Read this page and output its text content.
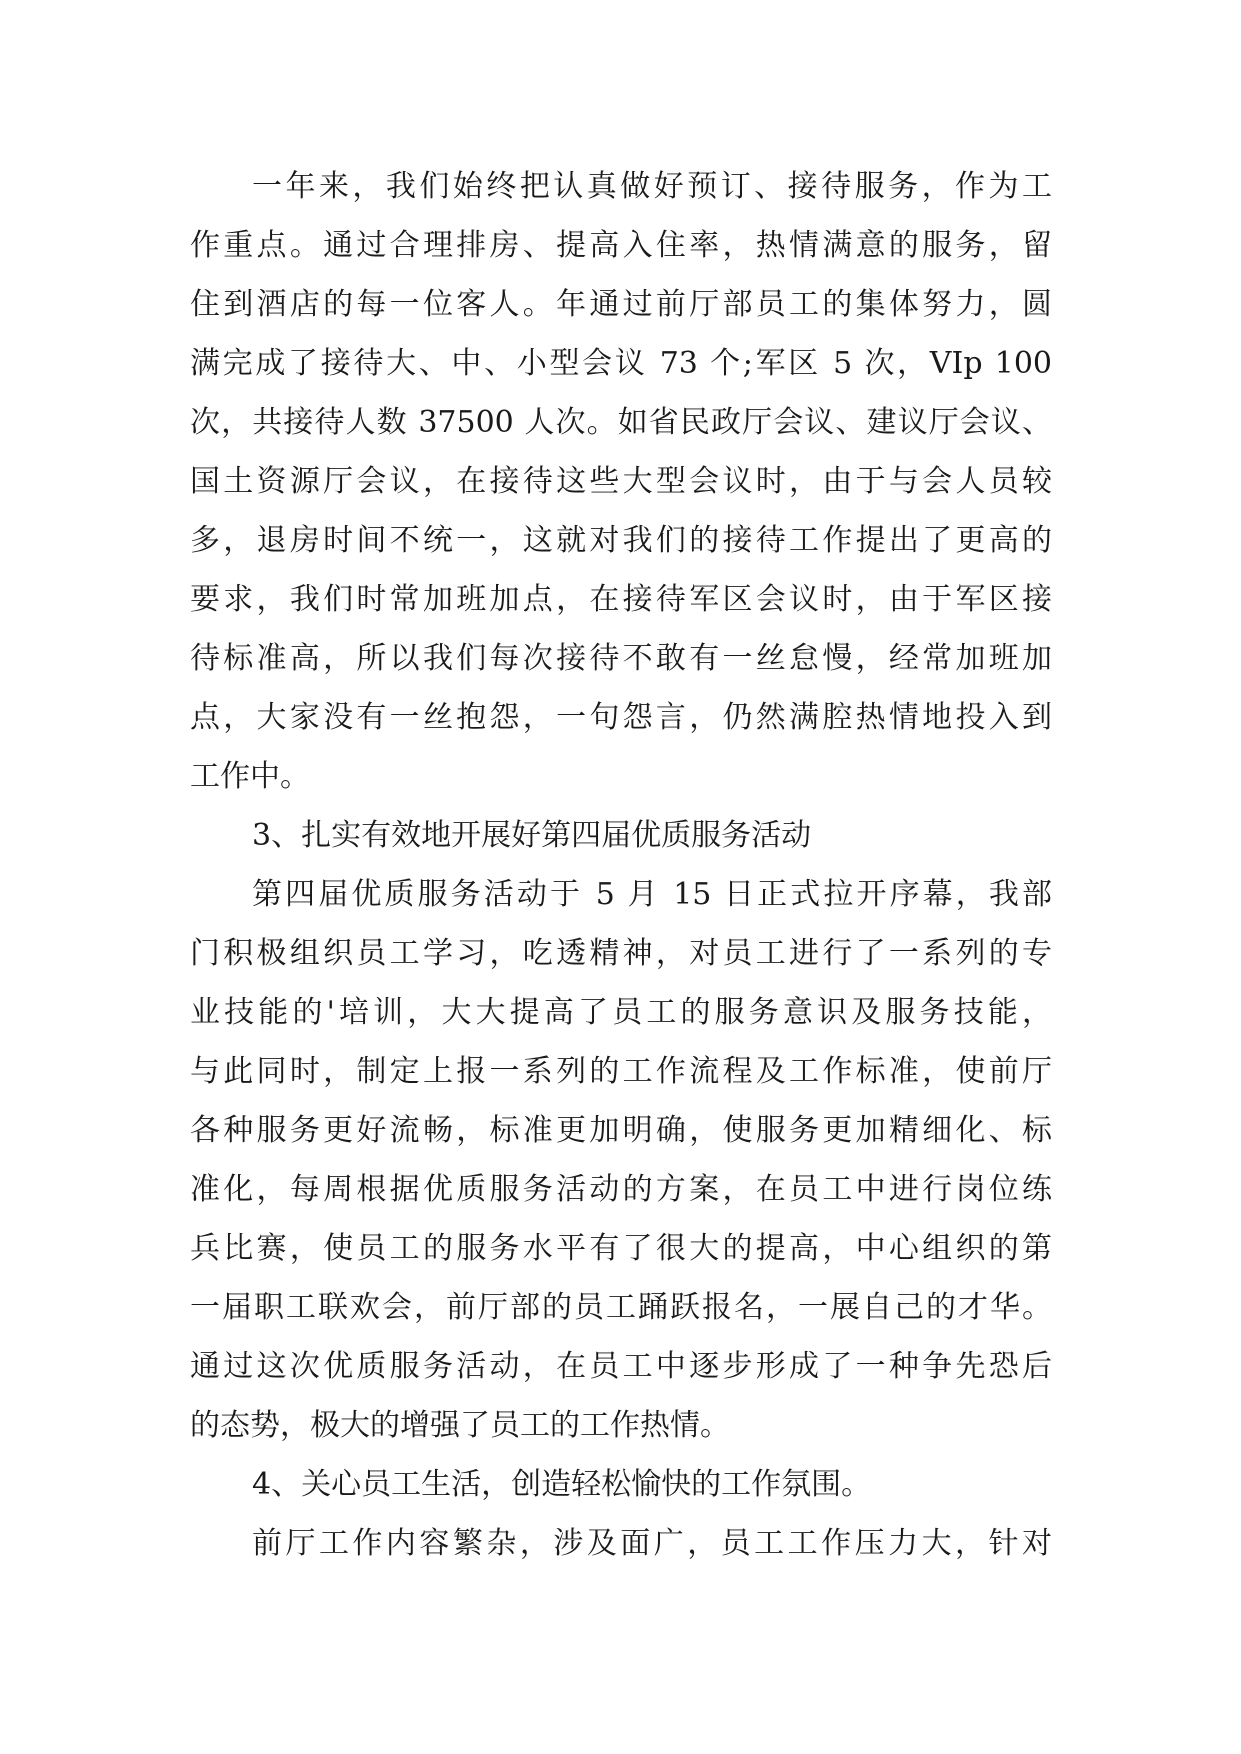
一年来，我们始终把认真做好预订、接待服务，作为工
作重点。通过合理排房、提高入住率，热情满意的服务，留
住到酒店的每一位客人。年通过前厅部员工的集体努力，圆
满完成了接待大、中、小型会议 73 个;军区 5 次，VIp 100
次，共接待人数 37500 人次。如省民政厅会议、建议厅会议、
国土资源厅会议，在接待这些大型会议时，由于与会人员较
多，退房时间不统一，这就对我们的接待工作提出了更高的
要求，我们时常加班加点，在接待军区会议时，由于军区接
待标准高，所以我们每次接待不敢有一丝怠慢，经常加班加
点，大家没有一丝抱怨，一句怨言，仍然满腔热情地投入到
工作中。
3、扎实有效地开展好第四届优质服务活动
第四届优质服务活动于 5 月 15 日正式拉开序幕，我部
门积极组织员工学习，吃透精神，对员工进行了一系列的专
业技能的'培训，大大提高了员工的服务意识及服务技能，
与此同时，制定上报一系列的工作流程及工作标准，使前厅
各种服务更好流畅，标准更加明确，使服务更加精细化、标
准化，每周根据优质服务活动的方案，在员工中进行岗位练
兵比赛，使员工的服务水平有了很大的提高，中心组织的第
一届职工联欢会，前厅部的员工踊跃报名，一展自己的才华。
通过这次优质服务活动，在员工中逐步形成了一种争先恐后
的态势，极大的增强了员工的工作热情。
4、关心员工生活，创造轻松愉快的工作氛围。
前厅工作内容繁杂，涉及面广，员工工作压力大，针对
